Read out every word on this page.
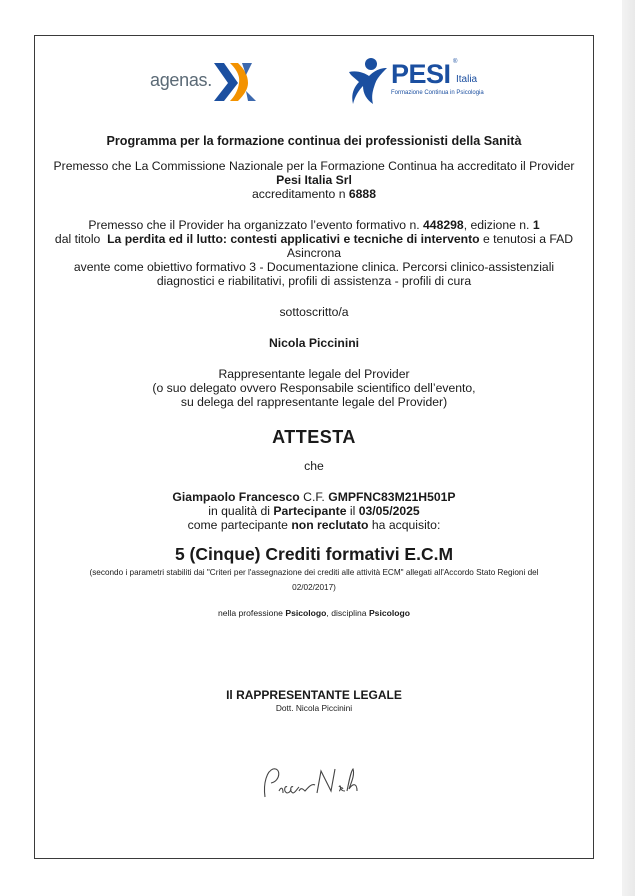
agenas.	PESI ®
Italia
Formazione Continua in Psicologia

Programma per la formazione continua dei professionisti della Sanità

Premesso che La Commissione Nazionale per la Formazione Continua ha accreditato il Provider

Pesi Italia Srl

accreditamento n 6888

Premesso che il Provider ha organizzato l’evento formativo n. 448298, edizione n. 1

dal titolo La perdita ed il lutto: contesti applicativi e tecniche di intervento e tenutosi a FAD

Asincrona

avente come obiettivo formativo 3 - Documentazione clinica. Percorsi clinico-assistenziali

diagnostici e riabilitativi, profili di assistenza - profili di cura

sottoscritto/a

Nicola Piccinini

Rappresentante legale del Provider

(o suo delegato ovvero Responsabile scientifico dell’evento,

su delega del rappresentante legale del Provider)

ATTESTA

che

Giampaolo Francesco C.F. GMPFNC83M21H501P

in qualità di Partecipante il 03/05/2025

come partecipante non reclutato ha acquisito:

5 (Cinque) Crediti formativi E.C.M

(secondo i parametri stabiliti dai "Criteri per l'assegnazione dei crediti alle attività ECM" allegati all'Accordo Stato Regioni del
02/02/2017)

nella professione Psicologo, disciplina Psicologo

Il RAPPRESENTANTE LEGALE

Dott. Nicola Piccinini
